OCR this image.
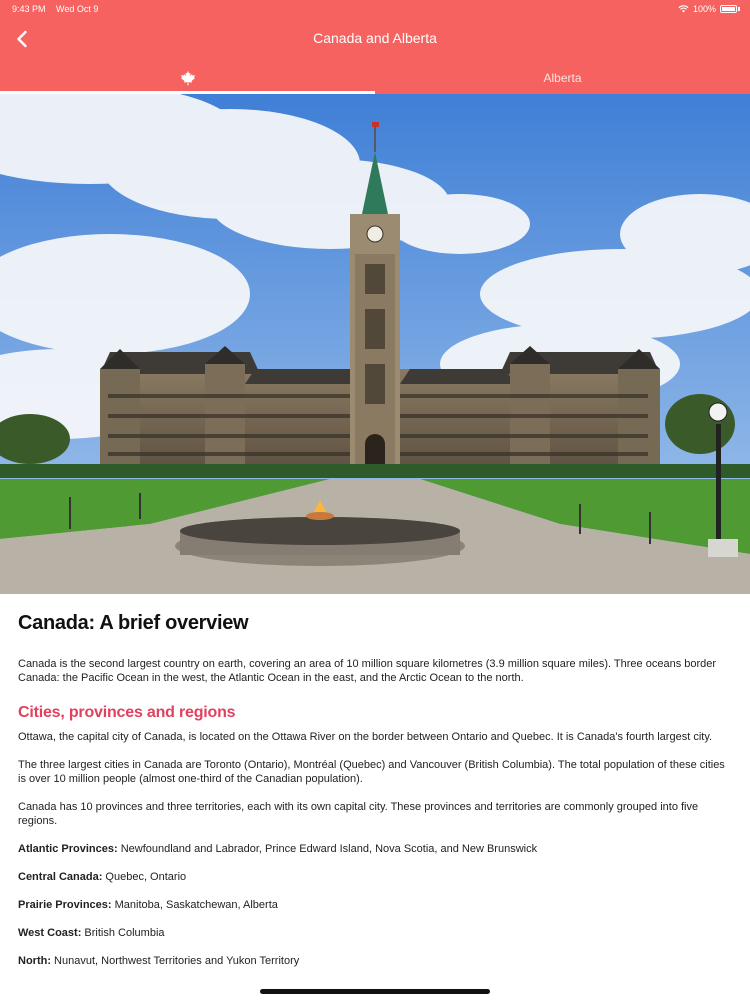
9:43 PM Wed Oct 9	100%
Canada and Alberta
Alberta
Canada: A brief overview

Canada is the second largest country on earth, covering an area of 10 million square kilometres (3.9 million square miles). Three oceans border Canada: the Pacific Ocean in the west, the Atlantic Ocean in the east, and the Arctic Ocean to the north.

Cities, provinces and regions

Ottawa, the capital city of Canada, is located on the Ottawa River on the border between Ontario and Quebec. It is Canada's fourth largest city.

The three largest cities in Canada are Toronto (Ontario), Montréal (Quebec) and Vancouver (British Columbia). The total population of these cities is over 10 million people (almost one-third of the Canadian population).

Canada has 10 provinces and three territories, each with its own capital city. These provinces and territories are commonly grouped into five regions.

Atlantic Provinces: Newfoundland and Labrador, Prince Edward Island, Nova Scotia, and New Brunswick

Central Canada: Quebec, Ontario

Prairie Provinces: Manitoba, Saskatchewan, Alberta

West Coast: British Columbia

North: Nunavut, Northwest Territories and Yukon Territory
